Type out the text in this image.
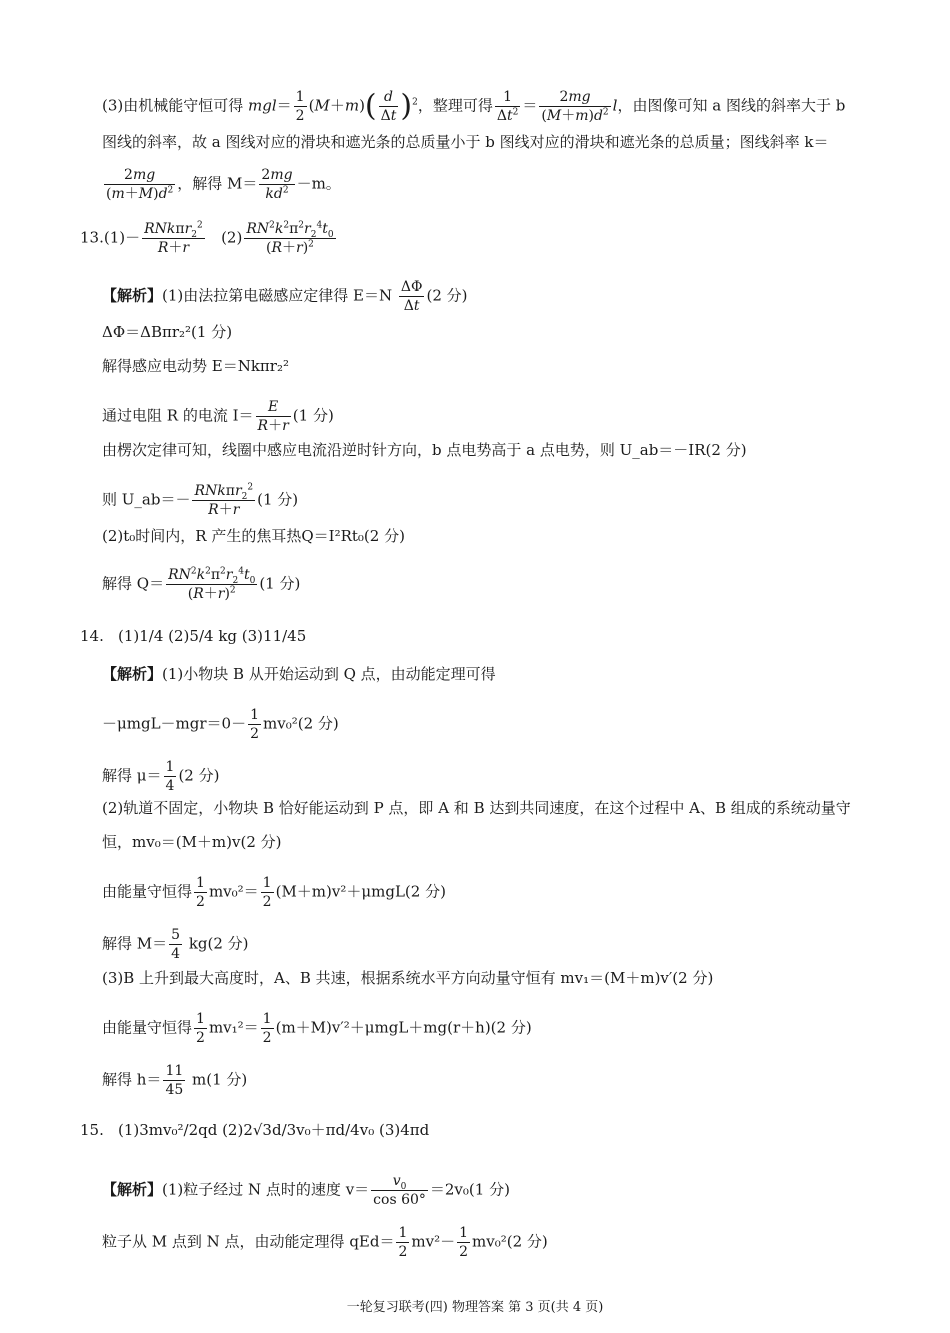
(3)由机械能守恒可得 $mgl= \frac{1}{2} (M+m)( \frac{d}{\Delta t} )^2$，整理可得 $\frac{1}{\Delta t^2} = \frac{2mg}{(M+m)d^2}$ l，由图像可知 a 图线的斜率大于 b
图线的斜率，故 a 图线对应的滑块和遮光条的总质量小于 b 图线对应的滑块和遮光条的总质量；图线斜率 k＝
$\frac{2mg}{(m+M)d^2}$ ，解得 $M= \frac{2mg}{kd^2} -m$。
$13.(1)- \frac{RNk\pi r_2^2}{R+r} (2) \frac{RN^2k^2\pi^2r_2^4t_0}{(R+r)^2}$
【解析】(1)由法拉第电磁感应定律得 $E=N \frac{\Delta\Phi}{\Delta t} (2$ 分)
ΔΦ＝ΔBπr₂²(1 分)
解得感应电动势 E＝Nkπr₂²
通过电阻 R 的电流 $I= \frac{E}{R+r} (1$ 分)
由楞次定律可知，线圈中感应电流沿逆时针方向，b 点电势高于 a 点电势，则 U_ab＝－IR(2 分)
则 U_ab＝－ $\frac{RNk\pi r_2^2}{R+r} (1$ 分)
(2)t₀时间内，R 产生的焦耳热Q＝I²Rt₀(2 分)
解得 $Q= \frac{RN^2k^2\pi^2r_2^4t_0}{(R+r)^2} (1$ 分)
(1)1/4 (2)5/4 kg (3)11/45
14.
【解析】(1)小物块 B 从开始运动到 Q 点，由动能定理可得
$-\mu mgL-mgr=0- \frac{1}{2} mv_0^2(2$ 分)
解得 $\mu= \frac{1}{4} (2$ 分)
(2)轨道不固定，小物块 B 恰好能运动到 P 点，即 A 和 B 达到共同速度，在这个过程中 A、B 组成的系统动量守
恒，mv₀＝(M＋m)v(2 分)
由能量守恒得 $\frac{1}{2} mv_0^2= \frac{1}{2} (M+m)v^2+\mu mgL(2$ 分)
解得 $M= \frac{5}{4} kg(2$ 分)
(3)B 上升到最大高度时，A、B 共速，根据系统水平方向动量守恒有 mv₁＝(M＋m)v′(2 分)
由能量守恒得 $\frac{1}{2} mv_1^2= \frac{1}{2} (m+M)v'^2+\mu mgL+mg(r+h)(2$ 分)
解得 $h= \frac{11}{45} m(1$ 分)
15. (1)3mv₀²/2qd (2)2√3d/3v₀＋πd/4v₀ (3)4πd
【解析】(1)粒子经过 N 点时的速度 $v= \frac{v_0}{\cos 60^\circ} =2v_0(1$ 分)
粒子从 M 点到 N 点，由动能定理得 $qEd= \frac{1}{2} mv^2- \frac{1}{2} mv_0^2(2$ 分)
一轮复习联考(四) 物理答案 第 3 页(共 4 页)
